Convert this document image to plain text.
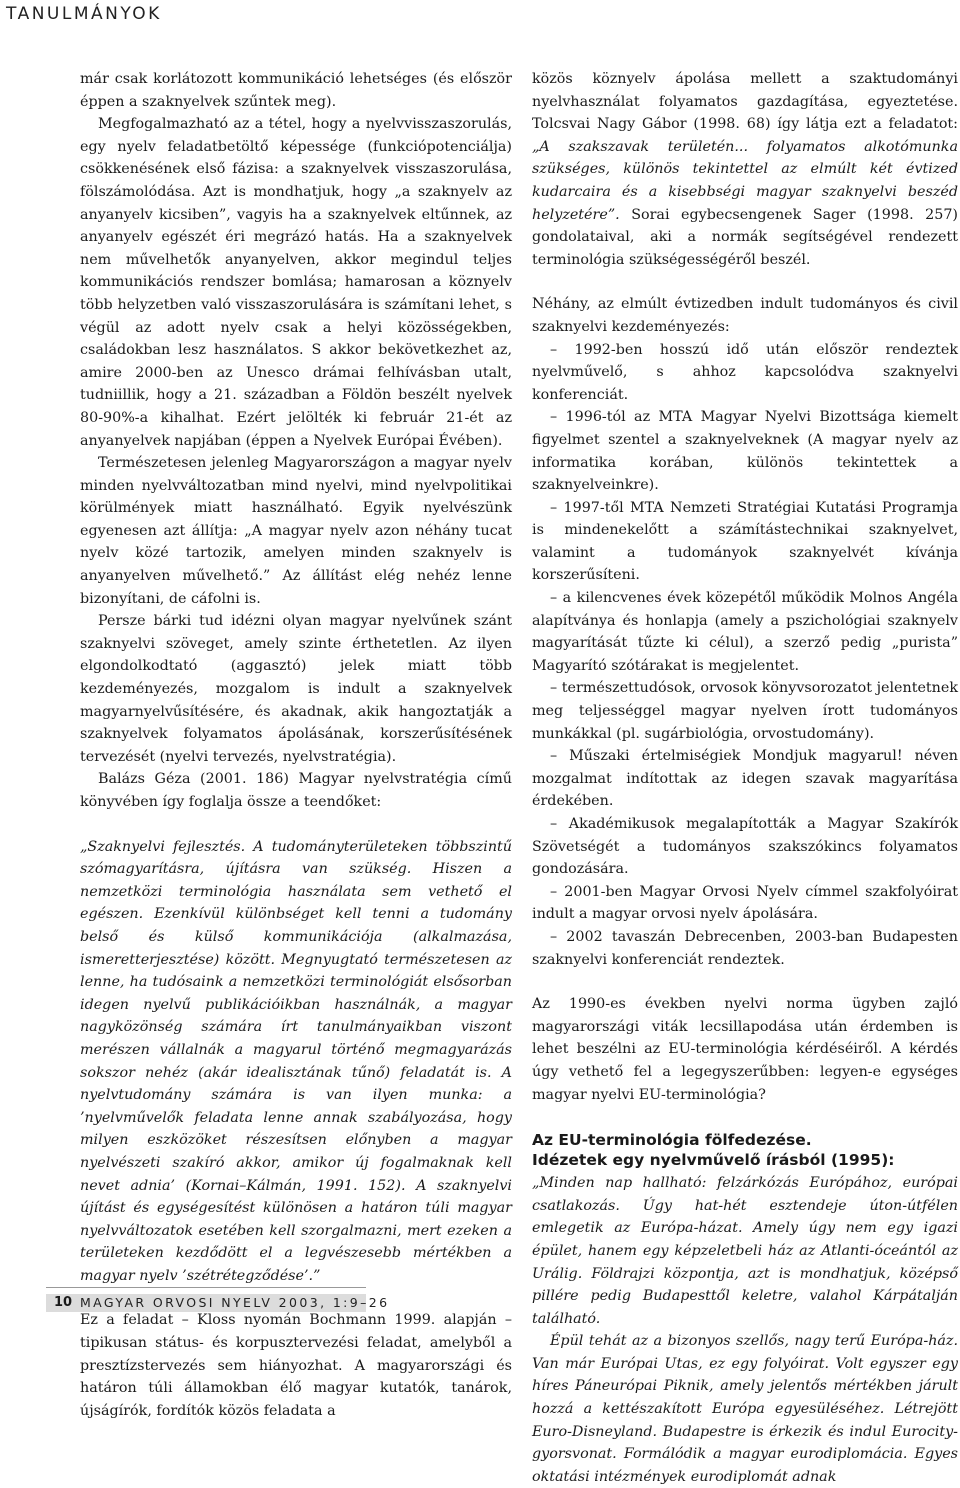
TANULMÁNYOK

már csak korlátozott kommunikáció lehetséges (és először éppen a szaknyelvek szűntek meg).

Megfogalmazható az a tétel, hogy a nyelvvisszaszorulás, egy nyelv feladatbetöltő képessége (funkciópotenciálja) csökkenésének első fázisa: a szaknyelvek visszaszorulása, fölszámolódása. Azt is mondhatjuk, hogy „a szaknyelv az anyanyelv kicsiben”, vagyis ha a szaknyelvek eltűnnek, az anyanyelv egészét éri megrázó hatás. Ha a szaknyelvek nem művelhetők anyanyelven, akkor megindul teljes kommunikációs rendszer bomlása; hamarosan a köznyelv több helyzetben való visszaszorulására is számítani lehet, s végül az adott nyelv csak a helyi közösségekben, családokban lesz használatos. S akkor bekövetkezhet az, amire 2000-ben az Unesco drámai felhívásban utalt, tudniillik, hogy a 21. században a Földön beszélt nyelvek 80-90%-a kihalhat. Ezért jelölték ki február 21-ét az anyanyelvek napjában (éppen a Nyelvek Európai Évében).

Természetesen jelenleg Magyarországon a magyar nyelv minden nyelvváltozatban mind nyelvi, mind nyelvpolitikai körülmények miatt használható. Egyik nyelvészünk egyenesen azt állítja: „A magyar nyelv azon néhány tucat nyelv közé tartozik, amelyen minden szaknyelv is anyanyelven művelhető.” Az állítást elég nehéz lenne bizonyítani, de cáfolni is.

Persze bárki tud idézni olyan magyar nyelvűnek szánt szaknyelvi szöveget, amely szinte érthetetlen. Az ilyen elgondolkodtató (aggasztó) jelek miatt több kezdeményezés, mozgalom is indult a szaknyelvek magyarnyelvűsítésére, és akadnak, akik hangoztatják a szaknyelvek folyamatos ápolásának, korszerűsítésének tervezését (nyelvi tervezés, nyelvstratégia).

Balázs Géza (2001. 186) Magyar nyelvstratégia című könyvében így foglalja össze a teendőket:

„Szaknyelvi fejlesztés. A tudományterületeken többszintű szómagyarításra, újításra van szükség. Hiszen a nemzetközi terminológia használata sem vethető el egészen. Ezenkívül különbséget kell tenni a tudomány belső és külső kommunikációja (alkalmazása, ismeretterjesztése) között. Megnyugtató természetesen az lenne, ha tudósaink a nemzetközi terminológiát elsősorban idegen nyelvű publikációikban használnák, a magyar nagyközönség számára írt tanulmányaikban viszont merészen vállalnák a magyarul történő megmagyarázás sokszor nehéz (akár idealisztának tűnő) feladatát is. A nyelvtudomány számára is van ilyen munka: a ’nyelvművelők feladata lenne annak szabályozása, hogy milyen eszközöket részesítsen előnyben a magyar nyelvészeti szakíró akkor, amikor új fogalmaknak kell nevet adnia’ (Kornai–Kálmán, 1991. 152). A szaknyelvi újítást és egységesítést különösen a határon túli magyar nyelvváltozatok esetében kell szorgalmazni, mert ezeken a területeken kezdődött el a legvészesebb mértékben a magyar nyelv ’szétrétegződése’.”

Ez a feladat – Kloss nyomán Bochmann 1999. alapján – tipikusan státus- és korpusztervezési feladat, amelyből a presztízstervezés sem hiányozhat. A magyarországi és határon túli államokban élő magyar kutatók, tanárok, újságírók, fordítók közös feladata a

közös köznyelv ápolása mellett a szaktudományi nyelvhasználat folyamatos gazdagítása, egyeztetése. Tolcsvai Nagy Gábor (1998. 68) így látja ezt a feladatot: „A szakszavak területén... folyamatos alkotómunka szükséges, különös tekintettel az elmúlt két évtized kudarcaira és a kisebbségi magyar szaknyelvi beszéd helyzetére”. Sorai egybecsengenek Sager (1998. 257) gondolataival, aki a normák segítségével rendezett terminológia szükségességéről beszél.

Néhány, az elmúlt évtizedben indult tudományos és civil szaknyelvi kezdeményezés:

– 1992-ben hosszú idő után először rendeztek nyelvművelő, s ahhoz kapcsolódva szaknyelvi konferenciát.

– 1996-tól az MTA Magyar Nyelvi Bizottsága kiemelt figyelmet szentel a szaknyelveknek (A magyar nyelv az informatika korában, különös tekintettek a szaknyelveinkre).

– 1997-től MTA Nemzeti Stratégiai Kutatási Programja is mindenekelőtt a számítástechnikai szaknyelvet, valamint a tudományok szaknyelvét kívánja korszerűsíteni.

– a kilencvenes évek közepétől működik Molnos Angéla alapítványa és honlapja (amely a pszichológiai szaknyelv magyarítását tűzte ki célul), a szerző pedig „purista” Magyarító szótárakat is megjelentet.

– természettudósok, orvosok könyvsorozatot jelentetnek meg teljességgel magyar nyelven írott tudományos munkákkal (pl. sugárbiológia, orvostudomány).

– Műszaki értelmiségiek Mondjuk magyarul! néven mozgalmat indítottak az idegen szavak magyarítása érdekében.

– Akadémikusok megalapították a Magyar Szakírók Szövetségét a tudományos szakszókincs folyamatos gondozására.

– 2001-ben Magyar Orvosi Nyelv címmel szakfolyóirat indult a magyar orvosi nyelv ápolására.

– 2002 tavaszán Debrecenben, 2003-ban Budapesten szaknyelvi konferenciát rendeztek.

Az 1990-es években nyelvi norma ügyben zajló magyarországi viták lecsillapodása után érdemben is lehet beszélni az EU-terminológia kérdéséiről. A kérdés úgy vethető fel a legegyszerűbben: legyen-e egységes magyar nyelvi EU-terminológia?

Az EU-terminológia fölfedezése.
Idézetek egy nyelvművelő írásból (1995):

„Minden nap hallható: felzárkózás Európához, európai csatlakozás. Úgy hat-hét esztendeje úton-útfélen emlegetik az Európa-házat. Amely úgy nem egy igazi épület, hanem egy képzeletbeli ház az Atlanti-óceántól az Urálig. Földrajzi központja, azt is mondhatjuk, középső pillére pedig Budapesttől keletre, valahol Kárpátalján található.

Épül tehát az a bizonyos szellős, nagy terű Európa-ház. Van már Európai Utas, ez egy folyóirat. Volt egyszer egy híres Páneurópai Piknik, amely jelentős mértékben járult hozzá a kettészakított Európa egyesüléséhez. Létrejött Euro-Disneyland. Budapestre is érkezik és indul Eurocity-gyorsvonat. Formálódik a magyar eurodiplomácia. Egyes oktatási intézmények eurodiplomát adnak

10 MAGYAR ORVOSI NYELV 2003, 1:9–26
